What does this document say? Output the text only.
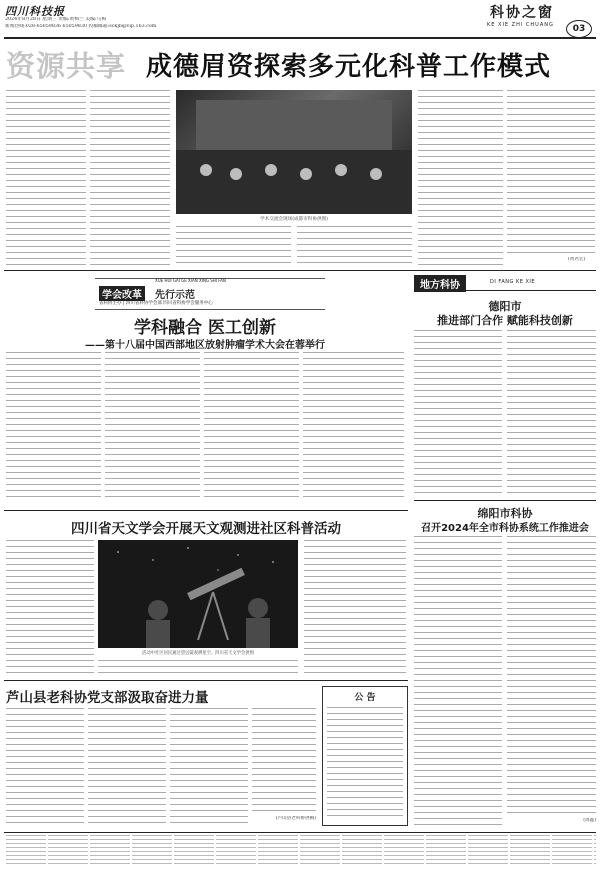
四川科技报
2024年8月28日 星期三 责编:黄梅兰 美编:马梅
新闻热线:028-65059836 65059830 投稿邮箱:sckjb@vip.163.com
科协之窗
KE XIE ZHI CHUANG	03
资源共享 成德眉资探索多元化科普工作模式
学术交流会现场(成都市科协供图)
(黄君宏)
XUE HUI GAI GE XIAN XING SHI FAN
学会改革	先行示范
省科协主办 | 四川省科协学会部 四川省科协学会服务中心
学科融合 医工创新
——第十八届中国西部地区放射肿瘤学术大会在蓉举行
四川省天文学会开展天文观测进社区科普活动
活动中社区居民通过望远镜观测星空。四川省天文学会供图
芦山县老科协党支部汲取奋进力量
(芦山县老科协供稿)
公 告
地方科协	DI FANG KE XIE
德阳市
推进部门合作 赋能科技创新
绵阳市科协
召开2024年全市科协系统工作推进会
(周鑫)
